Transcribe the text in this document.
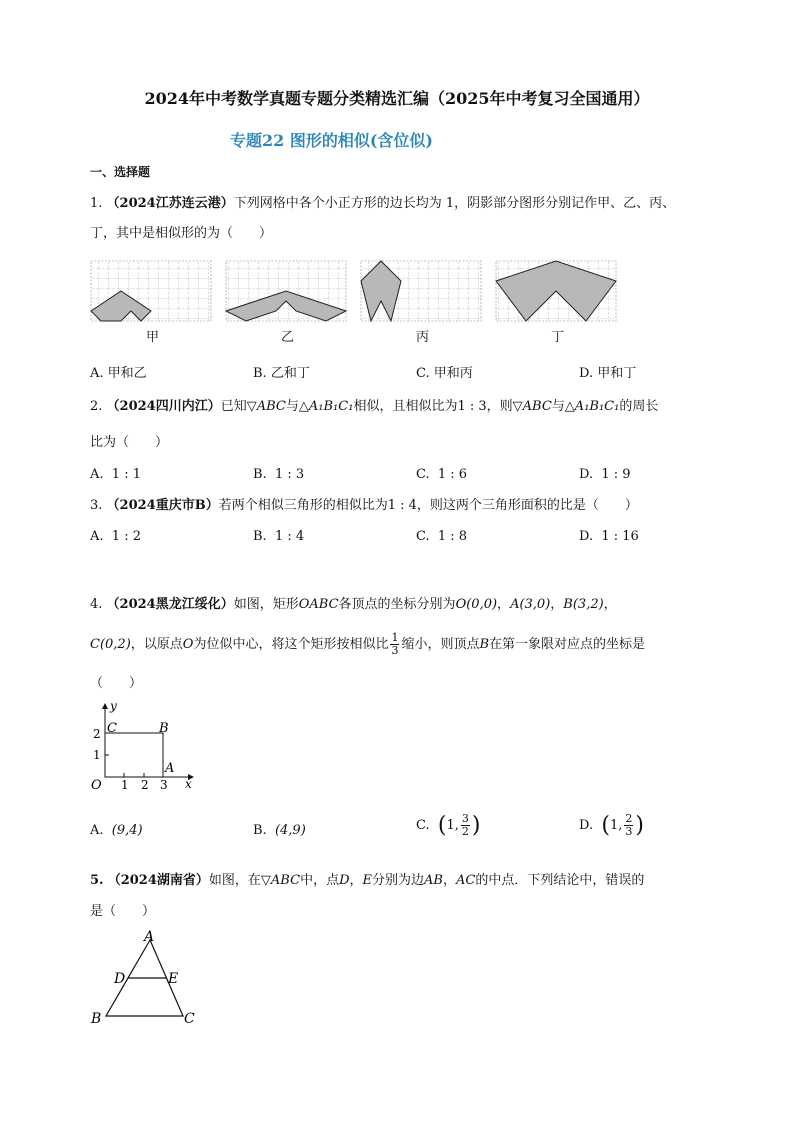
2024年中考数学真题专题分类精选汇编（2025年中考复习全国通用）
专题22 图形的相似(含位似)
一、选择题
1. （2024江苏连云港）下列网格中各个小正方形的边长均为 1，阴影部分图形分别记作甲、乙、丙、
丁，其中是相似形的为（　　）
甲	乙	丙	丁
A. 甲和乙	B. 乙和丁	C. 甲和丙	D. 甲和丁
2. （2024四川内江）已知▽ABC与△A₁B₁C₁相似，且相似比为1 : 3，则▽ABC与△A₁B₁C₁的周长
比为（　　）
A. 1 : 1	B. 1 : 3	C. 1 : 6	D. 1 : 9
3. （2024重庆市B）若两个相似三角形的相似比为1 : 4，则这两个三角形面积的比是（　　）
A. 1 : 2	B. 1 : 4	C. 1 : 8	D. 1 : 16
4. （2024黑龙江绥化）如图，矩形OABC各顶点的坐标分别为O(0,0)，A(3,0)，B(3,2)，
C(0,2)，以原点O为位似中心，将这个矩形按相似比 $\frac{1}{3}$ 缩小，则顶点B在第一象限对应点的坐标是
（　　）
y
x
C	B
A
O
2
1
1 2 3
A. (9,4)	B. (4,9)	C. (1, $\frac{3}{2}$ )	D. (1, $\frac{2}{3}$ )
5. （2024湖南省）如图，在▽ABC中，点D，E分别为边AB，AC的中点．下列结论中，错误的
是（　　）
A
D	E
B	C
